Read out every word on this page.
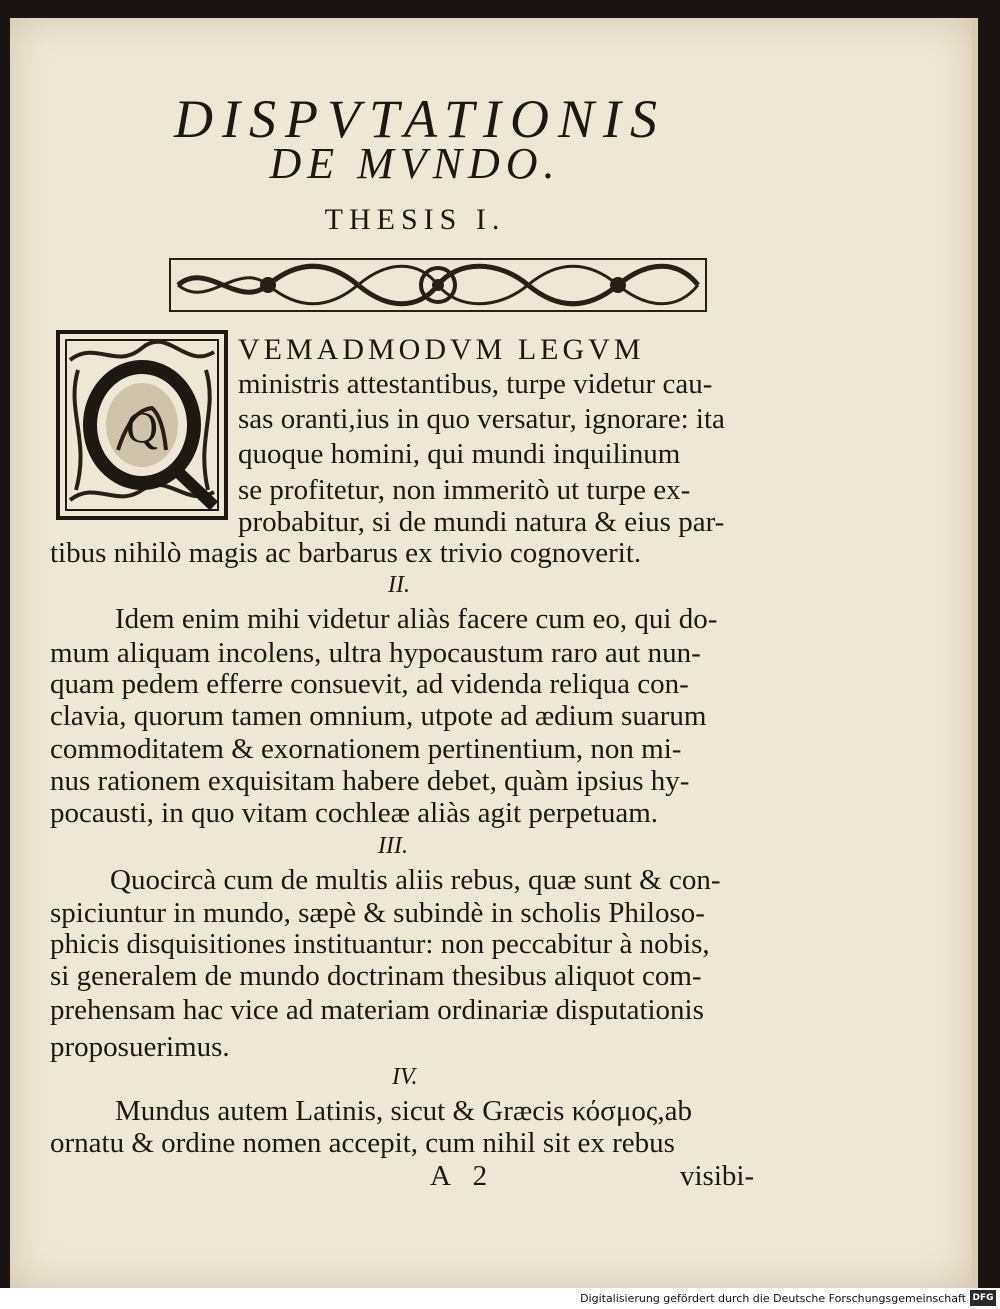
DISPVTATIONIS
DE MVNDO.
THESIS I.
Q
VEMADMODVM LEGVM
ministris attestantibus, turpe videtur cau-
sas oranti,ius in quo versatur, ignorare: ita
quoque homini, qui mundi inquilinum
se profitetur, non immeritò ut turpe ex-
probabitur, si de mundi natura & eius par-
tibus nihilò magis ac barbarus ex trivio cognoverit.
II.
Idem enim mihi videtur aliàs facere cum eo, qui do-
mum aliquam incolens, ultra hypocaustum raro aut nun-
quam pedem efferre consuevit, ad videnda reliqua con-
clavia, quorum tamen omnium, utpote ad ædium suarum
commoditatem & exornationem pertinentium, non mi-
nus rationem exquisitam habere debet, quàm ipsius hy-
pocausti, in quo vitam cochleæ aliàs agit perpetuam.
III.
Quocircà cum de multis aliis rebus, quæ sunt & con-
spiciuntur in mundo, sæpè & subindè in scholis Philoso-
phicis disquisitiones instituantur: non peccabitur à nobis,
si generalem de mundo doctrinam thesibus aliquot com-
prehensam hac vice ad materiam ordinariæ disputationis
proposuerimus.
IV.
Mundus autem Latinis, sicut & Græcis κόσμος,ab
ornatu & ordine nomen accepit, cum nihil sit ex rebus
A 2	visibi-
Digitalisierung gefördert durch die Deutsche Forschungsgemeinschaft DFG
